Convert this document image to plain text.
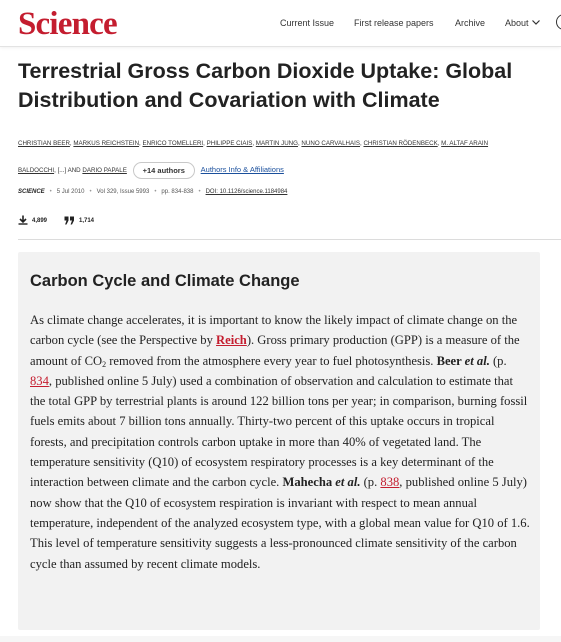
Science	Current Issue First release papers Archive About
Terrestrial Gross Carbon Dioxide Uptake: Global Distribution and Covariation with Climate
CHRISTIAN BEER, MARKUS REICHSTEIN, ENRICO TOMELLERI, PHILIPPE CIAIS, MARTIN JUNG, NUNO CARVALHAIS, CHRISTIAN RÖDENBECK, M. ALTAF ARAIN
BALDOCCHI, [...] AND DARIO PAPALE +14 authors Authors Info & Affiliations
SCIENCE • 5 Jul 2010 • Vol 329, Issue 5993 • pp. 834-838 • DOI: 10.1126/science.1184984
4,899	1,714
Carbon Cycle and Climate Change

As climate change accelerates, it is important to know the likely impact of climate change on the carbon cycle (see the Perspective by Reich). Gross primary production (GPP) is a measure of the amount of $CO_2$ removed from the atmosphere every year to fuel photosynthesis. Beer et al. (p. 834, published online 5 July) used a combination of observation and calculation to estimate that the total GPP by terrestrial plants is around 122 billion tons per year; in comparison, burning fossil fuels emits about 7 billion tons annually. Thirty-two percent of this uptake occurs in tropical forests, and precipitation controls carbon uptake in more than 40% of vegetated land. The temperature sensitivity (Q10) of ecosystem respiratory processes is a key determinant of the interaction between climate and the carbon cycle. Mahecha et al. (p. 838, published online 5 July) now show that the Q10 of ecosystem respiration is invariant with respect to mean annual temperature, independent of the analyzed ecosystem type, with a global mean value for Q10 of 1.6. This level of temperature sensitivity suggests a less-pronounced climate sensitivity of the carbon cycle than assumed by recent climate models.
